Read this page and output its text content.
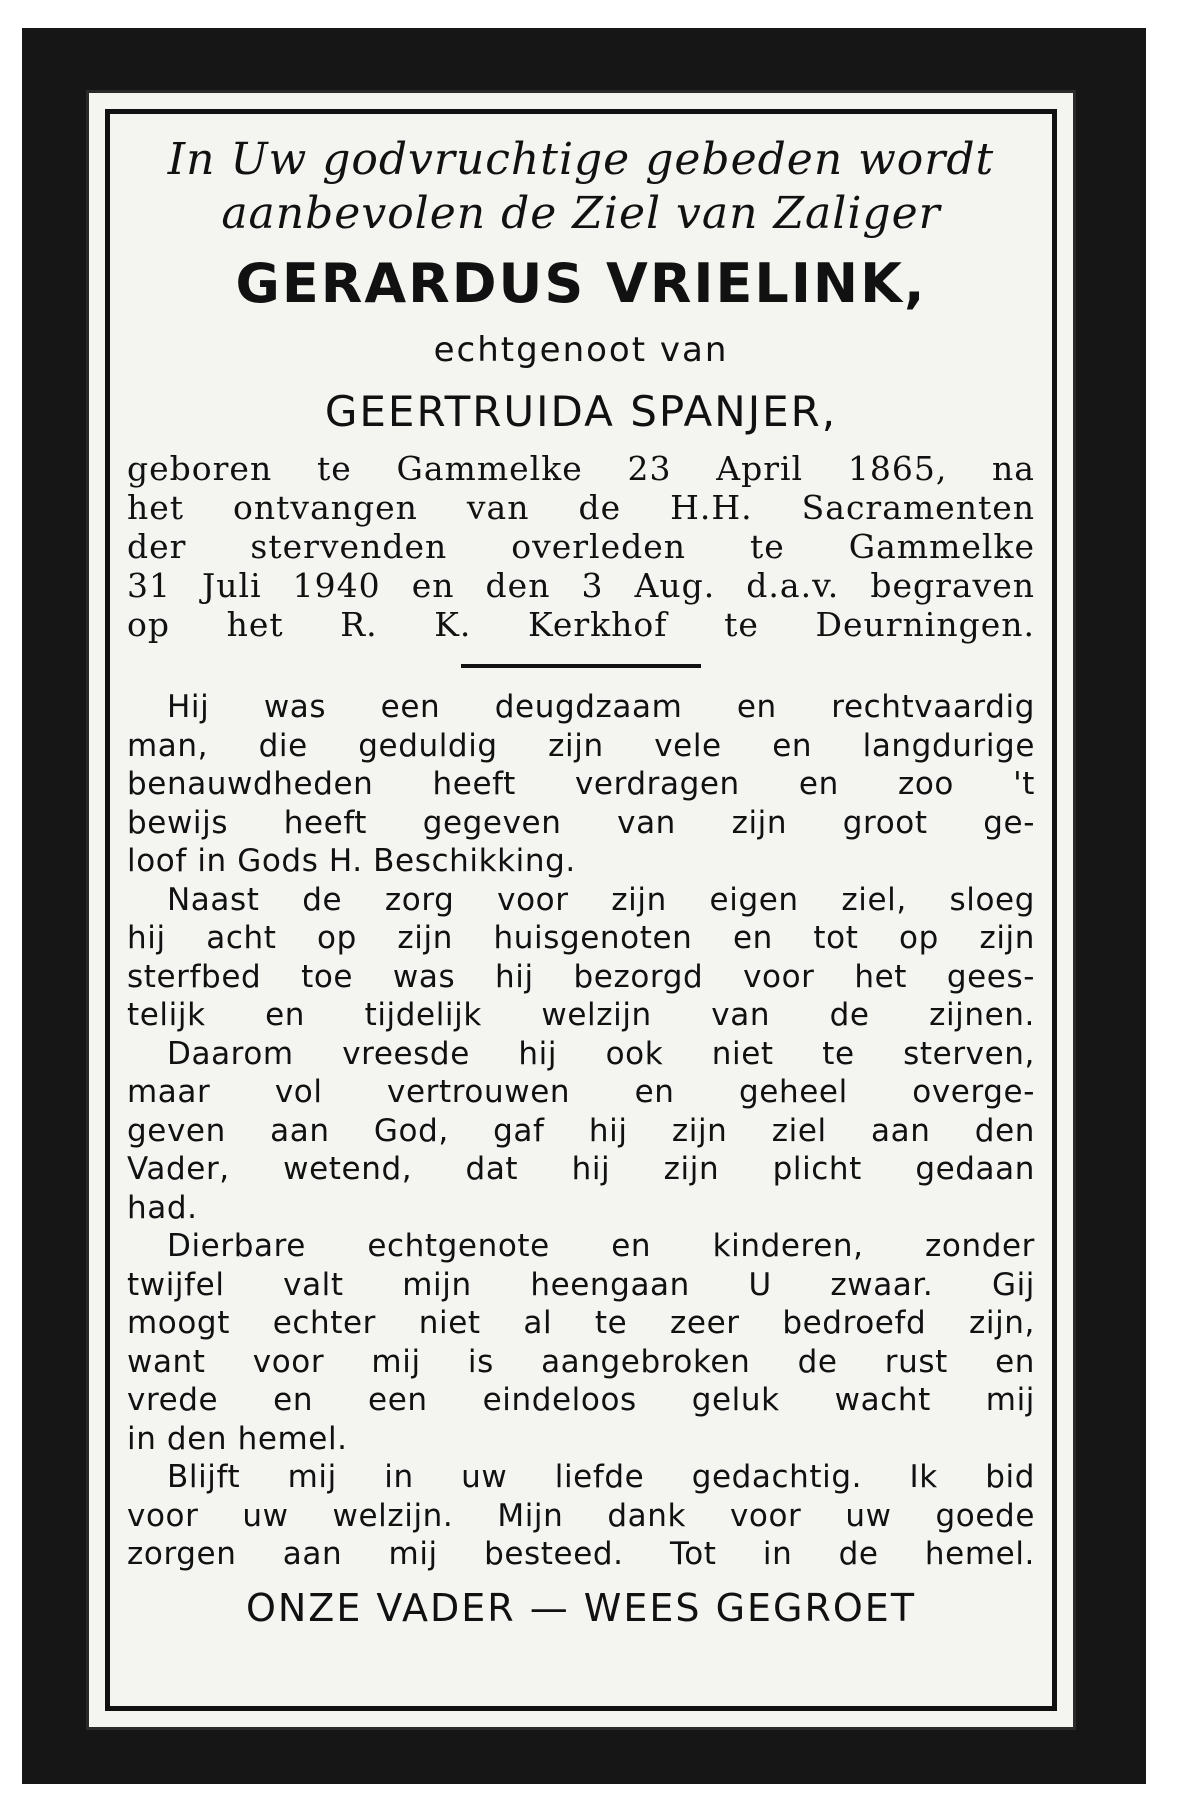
In Uw godvruchtige gebeden wordt
aanbevolen de Ziel van Zaliger

GERARDUS VRIELINK,
echtgenoot van
GEERTRUIDA SPANJER,
geboren te Gammelke 23 April 1865, na
het ontvangen van de H.H. Sacramenten
der stervenden overleden te Gammelke
31 Juli 1940 en den 3 Aug. d.a.v. begraven
op het R. K. Kerkhof te Deurningen.
Hij was een deugdzaam en rechtvaardig
man, die geduldig zijn vele en langdurige
benauwdheden heeft verdragen en zoo 't
bewijs heeft gegeven van zijn groot ge-
loof in Gods H. Beschikking.
Naast de zorg voor zijn eigen ziel, sloeg
hij acht op zijn huisgenoten en tot op zijn
sterfbed toe was hij bezorgd voor het gees-
telijk en tijdelijk welzijn van de zijnen.
Daarom vreesde hij ook niet te sterven,
maar vol vertrouwen en geheel overge-
geven aan God, gaf hij zijn ziel aan den
Vader, wetend, dat hij zijn plicht gedaan
had.
Dierbare echtgenote en kinderen, zonder
twijfel valt mijn heengaan U zwaar. Gij
moogt echter niet al te zeer bedroefd zijn,
want voor mij is aangebroken de rust en
vrede en een eindeloos geluk wacht mij
in den hemel.
Blijft mij in uw liefde gedachtig. Ik bid
voor uw welzijn. Mijn dank voor uw goede
zorgen aan mij besteed. Tot in de hemel.
ONZE VADER — WEES GEGROET
